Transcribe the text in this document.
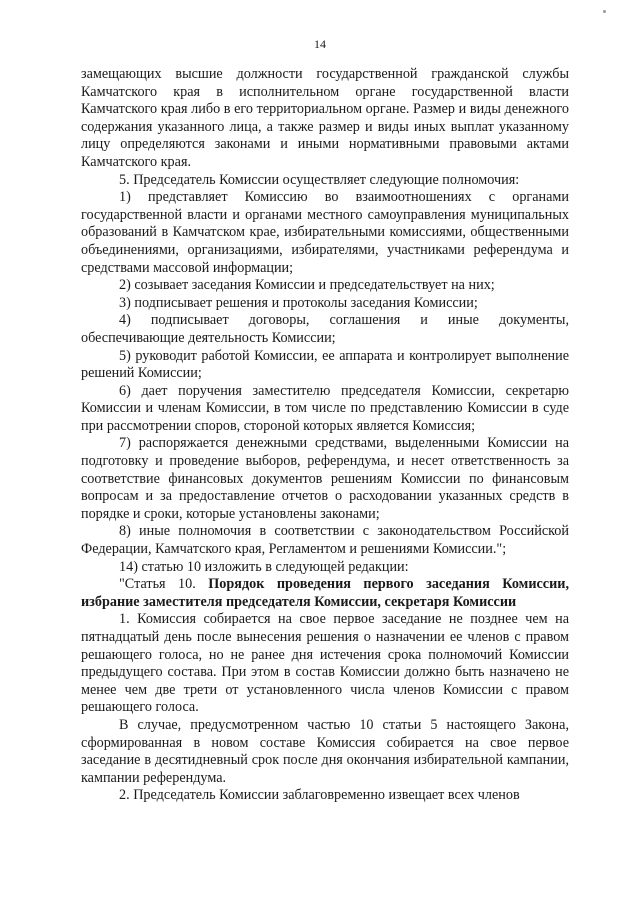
14

замещающих высшие должности государственной гражданской службы Камчатского края в исполнительном органе государственной власти Камчатского края либо в его территориальном органе. Размер и виды денежного содержания указанного лица, а также размер и виды иных выплат указанному лицу определяются законами и иными нормативными правовыми актами Камчатского края.

5. Председатель Комиссии осуществляет следующие полномочия:

1) представляет Комиссию во взаимоотношениях с органами государственной власти и органами местного самоуправления муниципальных образований в Камчатском крае, избирательными комиссиями, общественными объединениями, организациями, избирателями, участниками референдума и средствами массовой информации;

2) созывает заседания Комиссии и председательствует на них;

3) подписывает решения и протоколы заседания Комиссии;

4) подписывает договоры, соглашения и иные документы, обеспечивающие деятельность Комиссии;

5) руководит работой Комиссии, ее аппарата и контролирует выполнение решений Комиссии;

6) дает поручения заместителю председателя Комиссии, секретарю Комиссии и членам Комиссии, в том числе по представлению Комиссии в суде при рассмотрении споров, стороной которых является Комиссия;

7) распоряжается денежными средствами, выделенными Комиссии на подготовку и проведение выборов, референдума, и несет ответственность за соответствие финансовых документов решениям Комиссии по финансовым вопросам и за предоставление отчетов о расходовании указанных средств в порядке и сроки, которые установлены законами;

8) иные полномочия в соответствии с законодательством Российской Федерации, Камчатского края, Регламентом и решениями Комиссии.";

14) статью 10 изложить в следующей редакции:

"Статья 10. Порядок проведения первого заседания Комиссии, избрание заместителя председателя Комиссии, секретаря Комиссии

1. Комиссия собирается на свое первое заседание не позднее чем на пятнадцатый день после вынесения решения о назначении ее членов с правом решающего голоса, но не ранее дня истечения срока полномочий Комиссии предыдущего состава. При этом в состав Комиссии должно быть назначено не менее чем две трети от установленного числа членов Комиссии с правом решающего голоса.

В случае, предусмотренном частью 10 статьи 5 настоящего Закона, сформированная в новом составе Комиссия собирается на свое первое заседание в десятидневный срок после дня окончания избирательной кампании, кампании референдума.

2. Председатель Комиссии заблаговременно извещает всех членов
